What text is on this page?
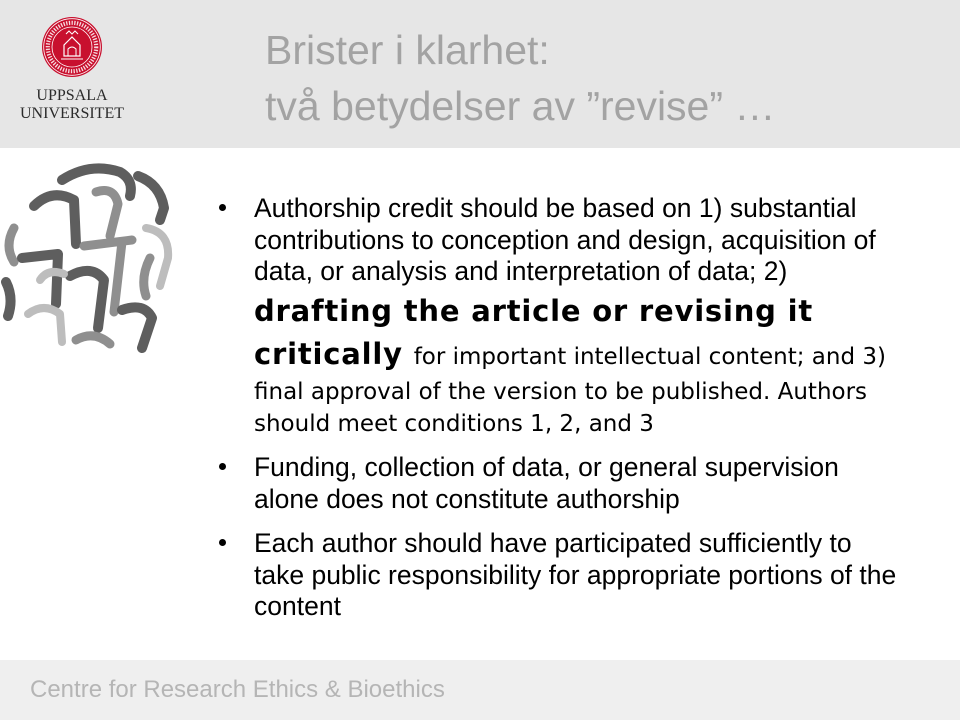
UPPSALA
UNIVERSITET
Brister i klarhet:
två betydelser av ”revise” …
Authorship credit should be based on 1) substantial
contributions to conception and design, acquisition of
data, or analysis and interpretation of data; 2)
drafting the article or revising it
critically for important intellectual content; and 3)
final approval of the version to be published. Authors
should meet conditions 1, 2, and 3
Funding, collection of data, or general supervision
alone does not constitute authorship
Each author should have participated sufficiently to
take public responsibility for appropriate portions of the
content
Centre for Research Ethics & Bioethics
